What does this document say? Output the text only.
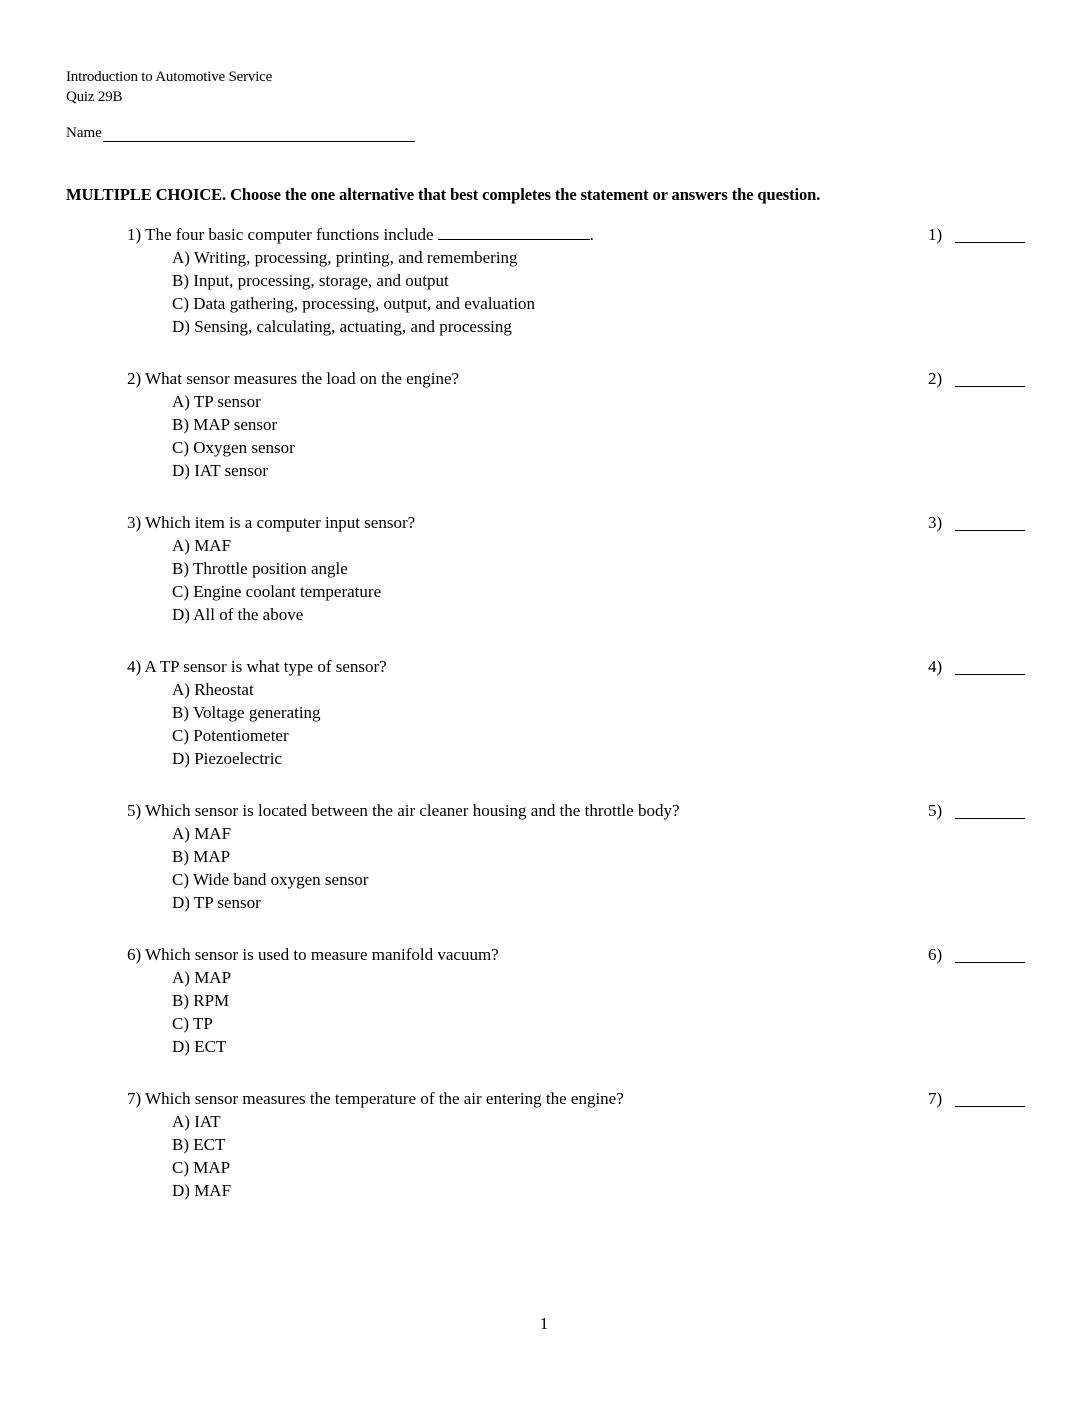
Introduction to Automotive Service
Quiz 29B
Name
MULTIPLE CHOICE. Choose the one alternative that best completes the statement or answers the question.
1) The four basic computer functions include	.
A) Writing, processing, printing, and remembering
B) Input, processing, storage, and output
C) Data gathering, processing, output, and evaluation
D) Sensing, calculating, actuating, and processing
1)
2) What sensor measures the load on the engine?
A) TP sensor
B) MAP sensor
C) Oxygen sensor
D) IAT sensor
2)
3) Which item is a computer input sensor?
A) MAF
B) Throttle position angle
C) Engine coolant temperature
D) All of the above
3)
4) A TP sensor is what type of sensor?
A) Rheostat
B) Voltage generating
C) Potentiometer
D) Piezoelectric
4)
5) Which sensor is located between the air cleaner housing and the throttle body?
A) MAF
B) MAP
C) Wide band oxygen sensor
D) TP sensor
5)
6) Which sensor is used to measure manifold vacuum?
A) MAP
B) RPM
C) TP
D) ECT
6)
7) Which sensor measures the temperature of the air entering the engine?
A) IAT
B) ECT
C) MAP
D) MAF
7)
1
